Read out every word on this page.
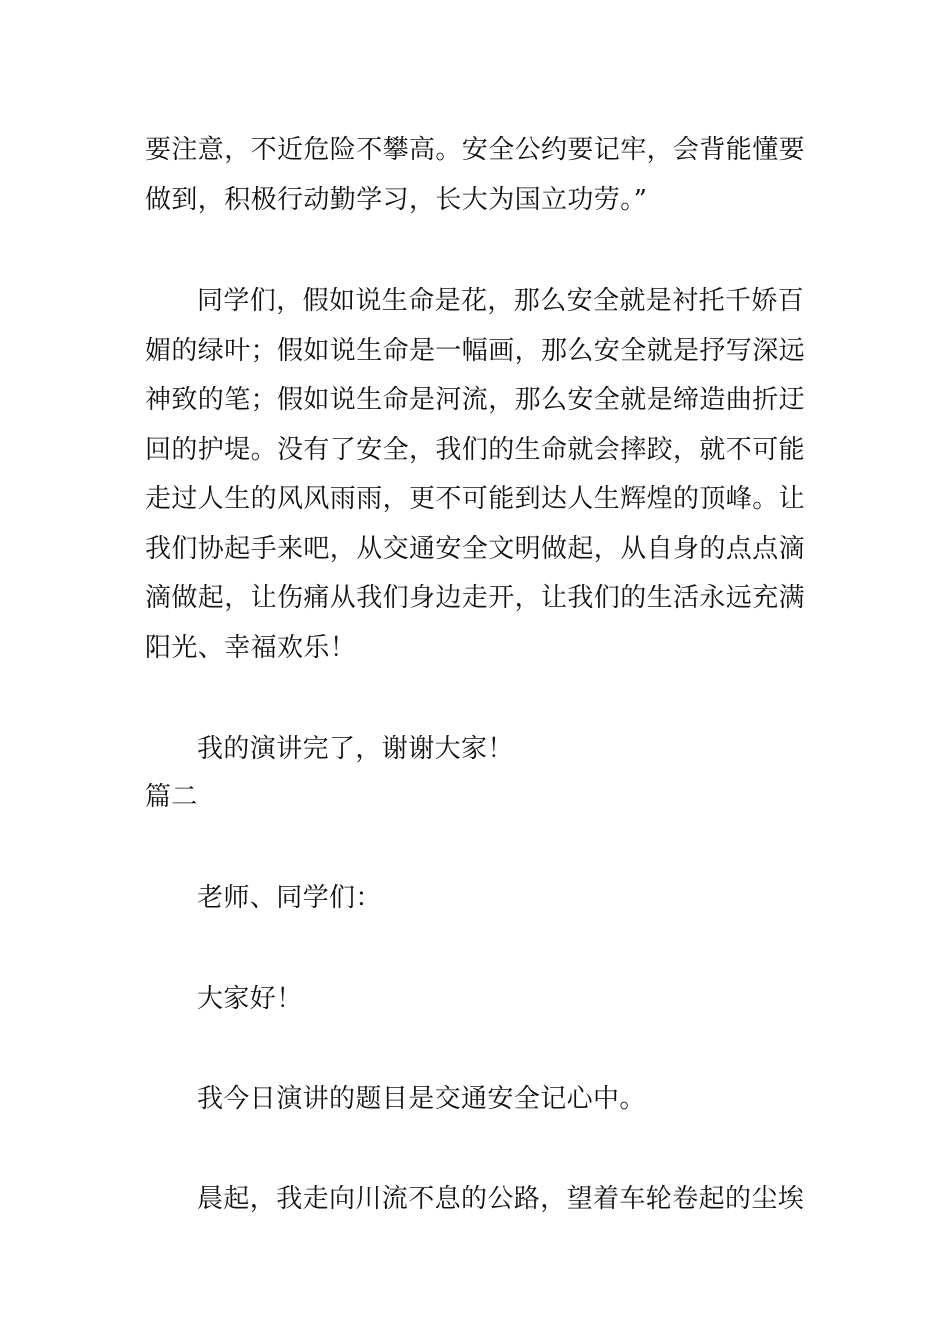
要注意，不近危险不攀高。安全公约要记牢，会背能懂要
做到，积极行动勤学习，长大为国立功劳。”
同学们，假如说生命是花，那么安全就是衬托千娇百
媚的绿叶；假如说生命是一幅画，那么安全就是抒写深远
神致的笔；假如说生命是河流，那么安全就是缔造曲折迂
回的护堤。没有了安全，我们的生命就会摔跤，就不可能
走过人生的风风雨雨，更不可能到达人生辉煌的顶峰。让
我们协起手来吧，从交通安全文明做起，从自身的点点滴
滴做起，让伤痛从我们身边走开，让我们的生活永远充满
阳光、幸福欢乐！
我的演讲完了，谢谢大家！
篇二
老师、同学们：
大家好！
我今日演讲的题目是交通安全记心中。
晨起，我走向川流不息的公路，望着车轮卷起的尘埃
